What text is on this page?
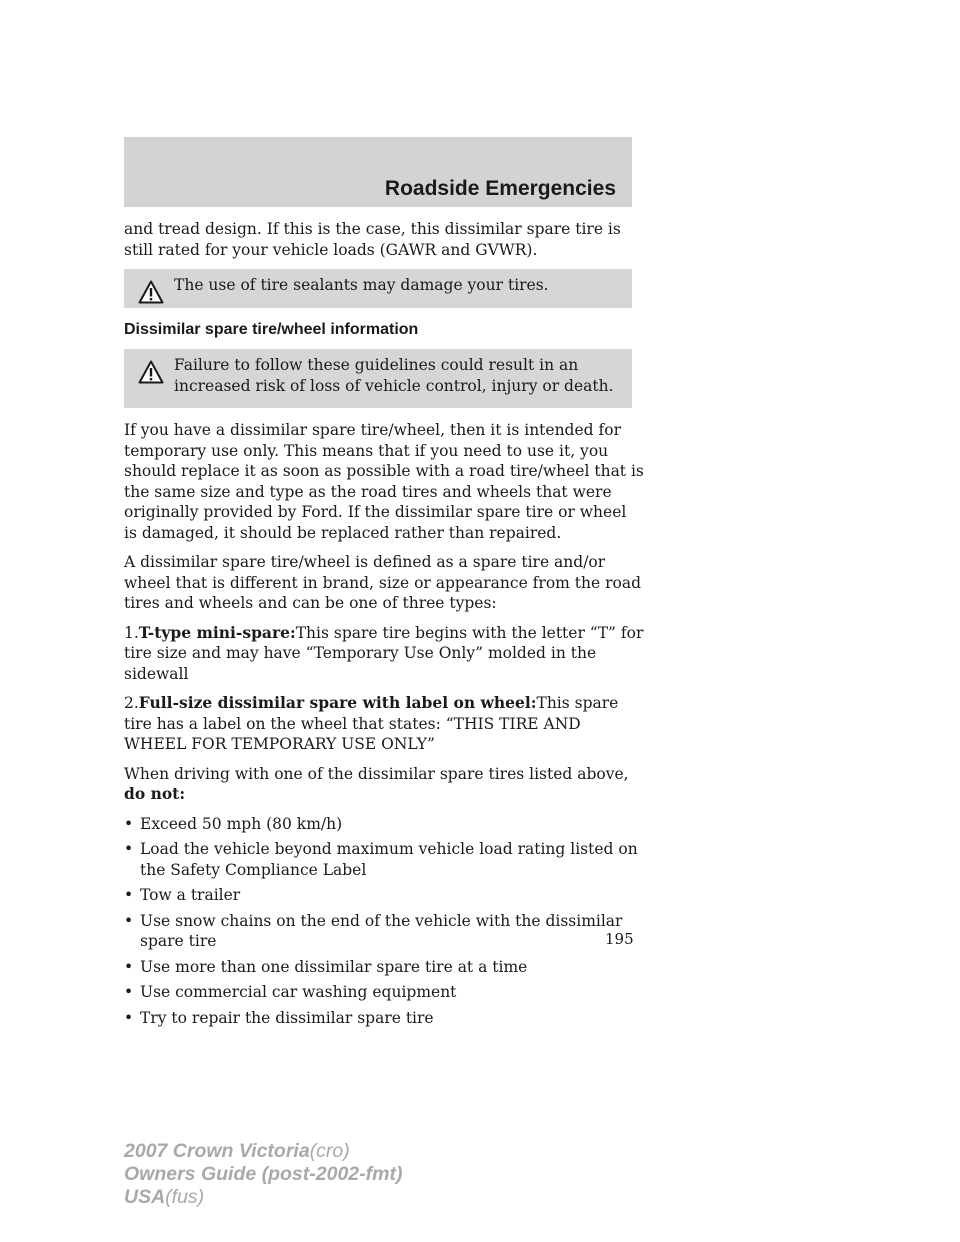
Roadside Emergencies

and tread design. If this is the case, this dissimilar spare tire is still rated for your vehicle loads (GAWR and GVWR).

The use of tire sealants may damage your tires.
Dissimilar spare tire/wheel information
Failure to follow these guidelines could result in an increased risk of loss of vehicle control, injury or death.

If you have a dissimilar spare tire/wheel, then it is intended for temporary use only. This means that if you need to use it, you should replace it as soon as possible with a road tire/wheel that is the same size and type as the road tires and wheels that were originally provided by Ford. If the dissimilar spare tire or wheel is damaged, it should be replaced rather than repaired.

A dissimilar spare tire/wheel is defined as a spare tire and/or wheel that is different in brand, size or appearance from the road tires and wheels and can be one of three types:

1.T-type mini-spare:This spare tire begins with the letter “T” for tire size and may have “Temporary Use Only” molded in the sidewall

2.Full-size dissimilar spare with label on wheel:This spare tire has a label on the wheel that states: “THIS TIRE AND WHEEL FOR TEMPORARY USE ONLY”

When driving with one of the dissimilar spare tires listed above, do not:

• Exceed 50 mph (80 km/h)
• Load the vehicle beyond maximum vehicle load rating listed on the Safety Compliance Label
• Tow a trailer
• Use snow chains on the end of the vehicle with the dissimilar spare tire
• Use more than one dissimilar spare tire at a time
• Use commercial car washing equipment
• Try to repair the dissimilar spare tire
195
2007 Crown Victoria(cro)
Owners Guide (post-2002-fmt)
USA(fus)
